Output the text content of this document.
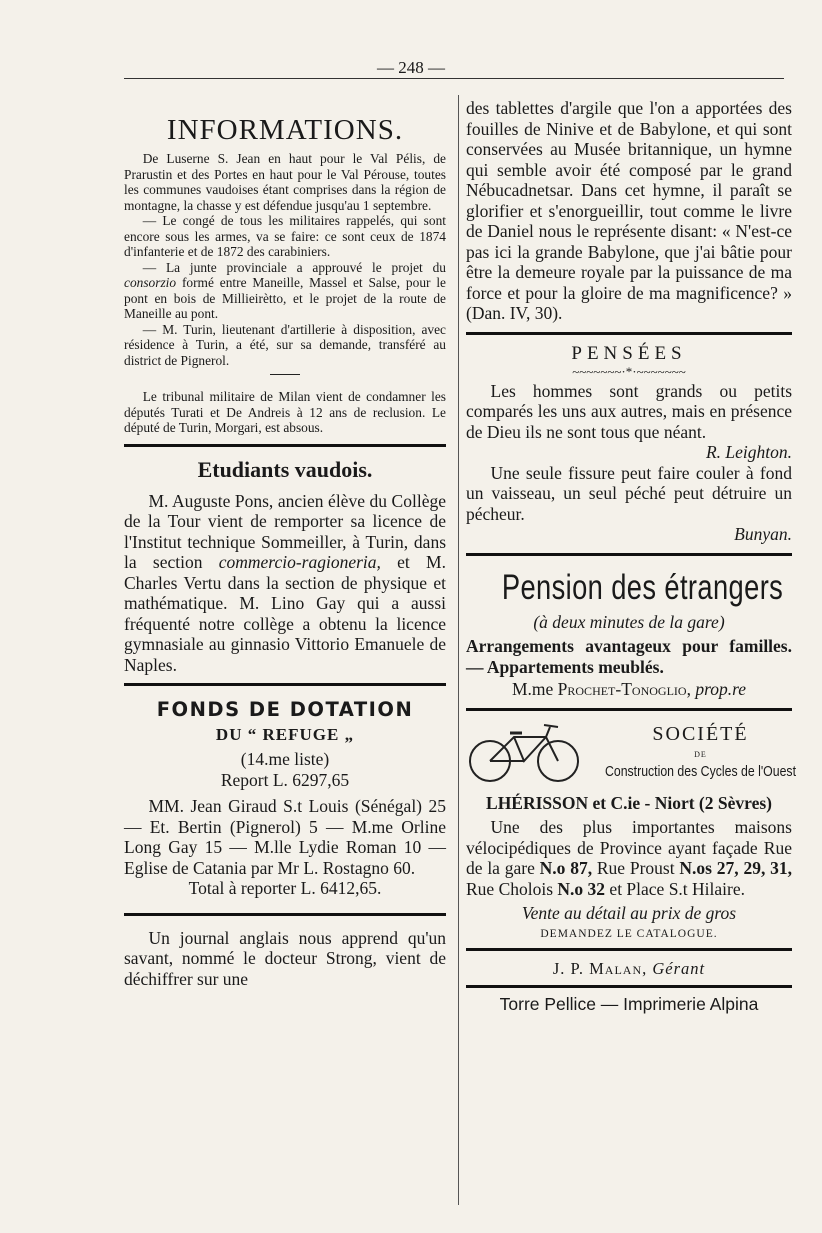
— 248 —
INFORMATIONS.

De Luserne S. Jean en haut pour le Val Pélis, de Prarustin et des Portes en haut pour le Val Pérouse, toutes les communes vaudoises étant comprises dans la région de montagne, la chasse y est défendue jusqu'au 1 septembre.

— Le congé de tous les militaires rappelés, qui sont encore sous les armes, va se faire: ce sont ceux de 1874 d'infanterie et de 1872 des carabiniers.

— La junte provinciale a approuvé le projet du consorzio formé entre Maneille, Massel et Salse, pour le pont en bois de Millieirètto, et le projet de la route de Maneille au pont.

— M. Turin, lieutenant d'artillerie à disposition, avec résidence à Turin, a été, sur sa demande, transféré au district de Pignerol.

Le tribunal militaire de Milan vient de condamner les députés Turati et De Andreis à 12 ans de reclusion. Le député de Turin, Morgari, est absous.

Etudiants vaudois.

M. Auguste Pons, ancien élève du Collège de la Tour vient de remporter sa licence de l'Institut technique Sommeiller, à Turin, dans la section commercio-ragioneria, et M. Charles Vertu dans la section de physique et mathématique. M. Lino Gay qui a aussi fréquenté notre collège a obtenu la licence gymnasiale au ginnasio Vittorio Emanuele de Naples.

FONDS DE DOTATION
DU “ REFUGE „

(14.me liste)

Report L. 6297,65

MM. Jean Giraud S.t Louis (Sénégal) 25 — Et. Bertin (Pignerol) 5 — M.me Orline Long Gay 15 — M.lle Lydie Roman 10 — Eglise de Catania par Mr L. Rostagno 60.

Total à reporter L. 6412,65.

Un journal anglais nous apprend qu'un savant, nommé le docteur Strong, vient de déchiffrer sur une

des tablettes d'argile que l'on a apportées des fouilles de Ninive et de Babylone, et qui sont conservées au Musée britannique, un hymne qui semble avoir été composé par le grand Nébucadnetsar. Dans cet hymne, il paraît se glorifier et s'enorgueillir, tout comme le livre de Daniel nous le représente disant: « N'est-ce pas ici la grande Babylone, que j'ai bâtie pour être la demeure royale par la puissance de ma force et pour la gloire de ma magnificence? » (Dan. IV, 30).

PENSÉES
~~~~~~~·*·~~~~~~~

Les hommes sont grands ou petits comparés les uns aux autres, mais en présence de Dieu ils ne sont tous que néant.

R. Leighton.

Une seule fissure peut faire couler à fond un vaisseau, un seul péché peut détruire un pécheur.

Bunyan.

Pension des étrangers

(à deux minutes de la gare)

Arrangements avantageux pour familles. — Appartements meublés.

M.me Prochet-Tonoglio, prop.re

SOCIÉTÉ
DE
Construction des Cycles de l'Ouest

LHÉRISSON et C.ie - Niort (2 Sèvres)

Une des plus importantes maisons vélocipédiques de Province ayant façade Rue de la gare N.o 87, Rue Proust N.os 27, 29, 31, Rue Cholois N.o 32 et Place S.t Hilaire.

Vente au détail au prix de gros

DEMANDEZ LE CATALOGUE.
J. P. Malan, Gérant
Torre Pellice — Imprimerie Alpina
